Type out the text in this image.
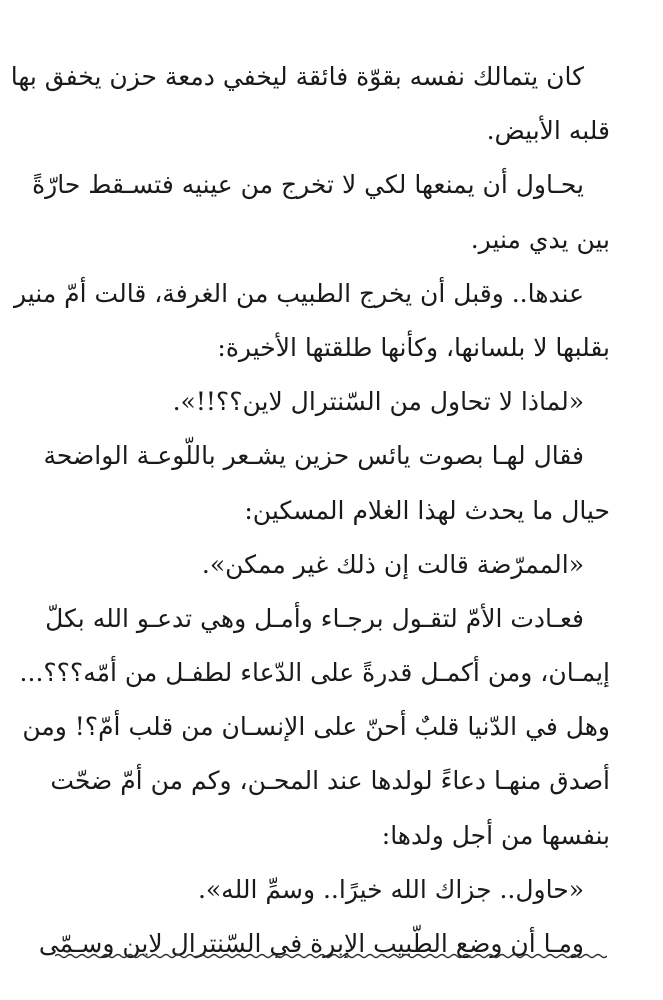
كان يتمالك نفسه بقوّة فائقة ليخفي دمعة حزن يخفق بها
قلبه الأبيض.
يحـاول أن يمنعها لكي لا تخرج من عينيه فتسـقط حارّةً
بين يدي منير.
عندها.. وقبل أن يخرج الطبيب من الغرفة، قالت أمّ منير
بقلبها لا بلسانها، وكأنها طلقتها الأخيرة:
«لماذا لا تحاول من السّنترال لاين؟؟!!».
فقال لهـا بصوت يائس حزين يشـعر باللّوعـة الواضحة
حيال ما يحدث لهذا الغلام المسكين:
«الممرّضة قالت إن ذلك غير ممكن».
فعـادت الأمّ لتقـول برجـاء وأمـل وهي تدعـو الله بكلّ
إيمـان، ومن أكمـل قدرةً على الدّعاء لطفـل من أمّه؟؟؟...
وهل في الدّنيا قلبٌ أحنّ على الإنسـان من قلب أمّ؟! ومن
أصدق منهـا دعاءً لولدها عند المحـن، وكم من أمّ ضحّت
بنفسها من أجل ولدها:
«حاول.. جزاك الله خيرًا.. وسمِّ الله».
ومـا أن وضع الطّبيب الإبرة في السّنترال لاين وسـمّى
